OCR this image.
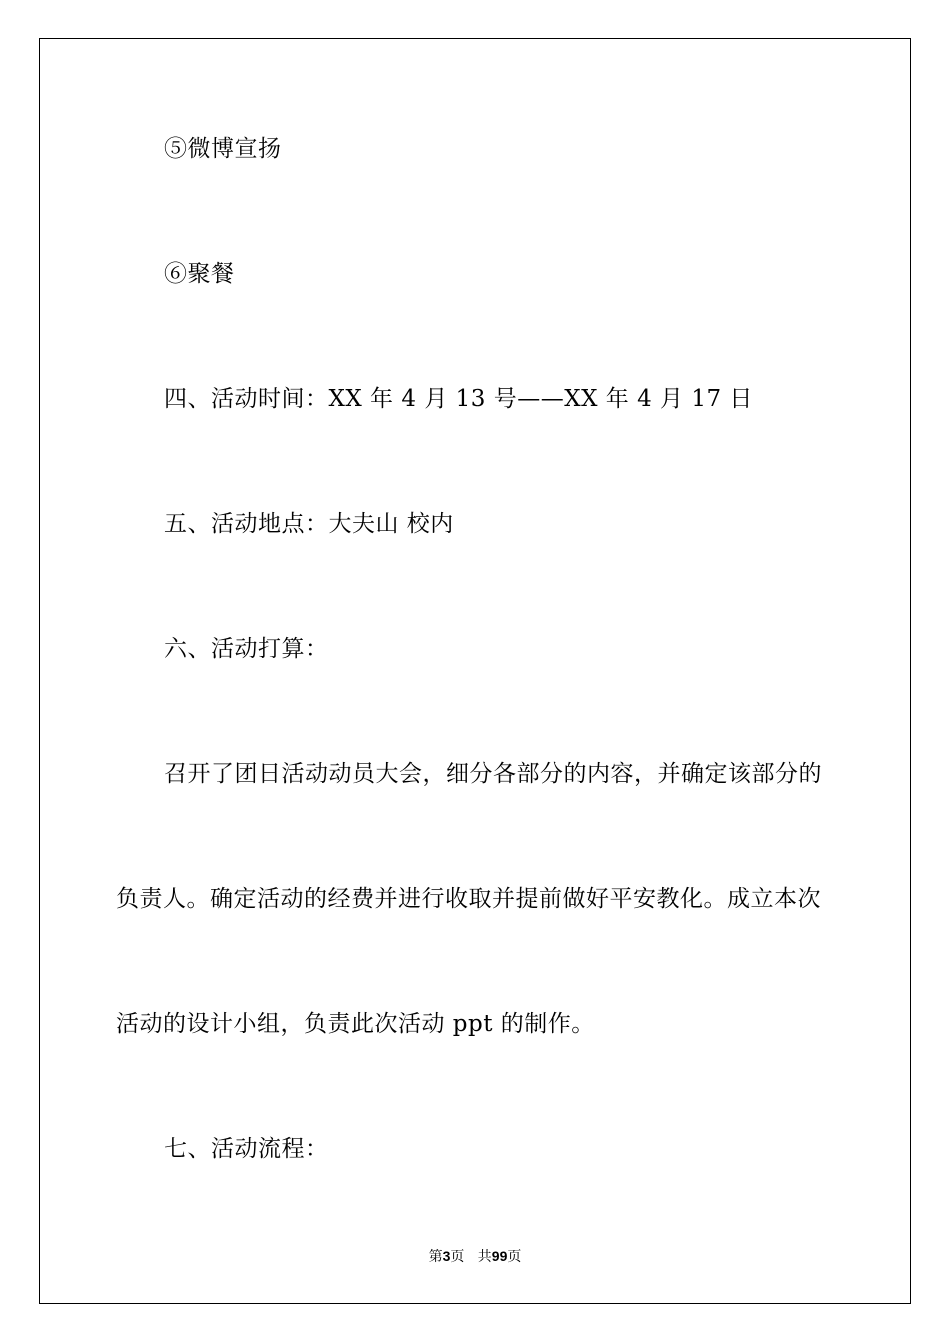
⑤微博宣扬
⑥聚餐
四、活动时间：XX 年 4 月 13 号——XX 年 4 月 17 日
五、活动地点：大夫山 校内
六、活动打算：
召开了团日活动动员大会，细分各部分的内容，并确定该部分的
负责人。确定活动的经费并进行收取并提前做好平安教化。成立本次
活动的设计小组，负责此次活动 ppt 的制作。
七、活动流程：
第3页 共99页
